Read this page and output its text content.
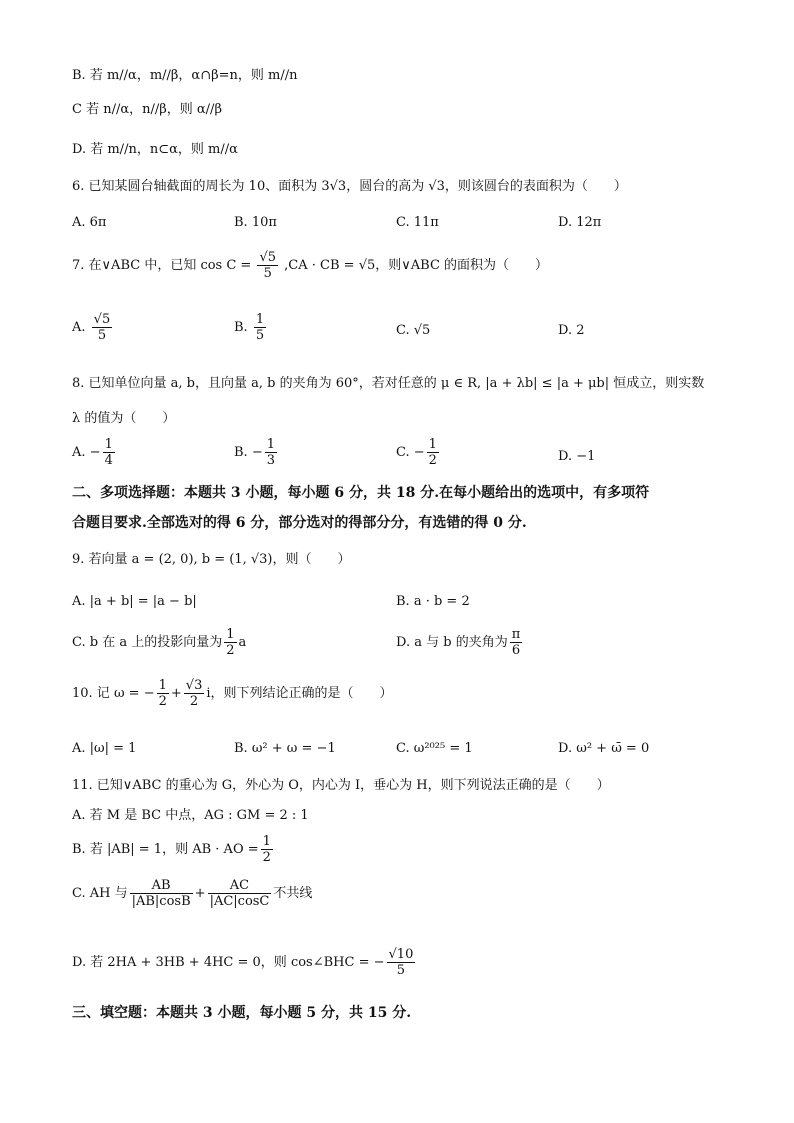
B. 若 m//α，m//β，α∩β=n，则 m//n
C 若 n//α，n//β，则 α//β
D. 若 m//n，n⊂α，则 m//α
6. 已知某圆台轴截面的周长为 10、面积为 3√3，圆台的高为 √3，则该圆台的表面积为（　　）
A. 6π	B. 10π	C. 11π	D. 12π
7. 在∨ABC 中，已知 $\cos C = \frac{√5}{5} ,CA$ · CB = √5，则∨ABC 的面积为（　　）
A. $\frac{√5}{5}$	B. $\frac{1}{5}$	C. √5	D. 2
8. 已知单位向量 a, b，且向量 a, b 的夹角为 60°，若对任意的 μ ∈ R, |a + λb| ≤ |a + μb| 恒成立，则实数
λ 的值为（　　）
A. − $\frac{1}{4}$	B. − $\frac{1}{3}$	C. − $\frac{1}{2}$	D. −1
二、多项选择题：本题共 3 小题，每小题 6 分，共 18 分.在每小题给出的选项中，有多项符
合题目要求.全部选对的得 6 分，部分选对的得部分分，有选错的得 0 分.
9. 若向量 a = (2, 0), b = (1, √3)，则（　　）
A. |a + b| = |a − b|	B. a · b = 2
C. b 在 a 上的投影向量为 $\frac{1}{2}$ a	D. a 与 b 的夹角为 $\frac{\pi}{6}$
10. 记 ω = − $\frac{1}{2} + \frac{√3}{2}$ i，则下列结论正确的是（　　）
A. |ω| = 1	B. ω² + ω = −1	C. ω²⁰²⁵ = 1	D. ω² + ω̄ = 0
11. 已知∨ABC 的重心为 G，外心为 O，内心为 I，垂心为 H，则下列说法正确的是（　　）
A. 若 M 是 BC 中点，AG : GM = 2 : 1
B. 若 |AB| = 1，则 AB · AO = $\frac{1}{2}$
C. AH 与 $\frac{AB}{|AB|\cos B} + \frac{AC}{|AC|\cos C}$ 不共线
D. 若 2HA + 3HB + 4HC = 0，则 cos∠BHC = − $\frac{√10}{5}$
三、填空题：本题共 3 小题，每小题 5 分，共 15 分.
